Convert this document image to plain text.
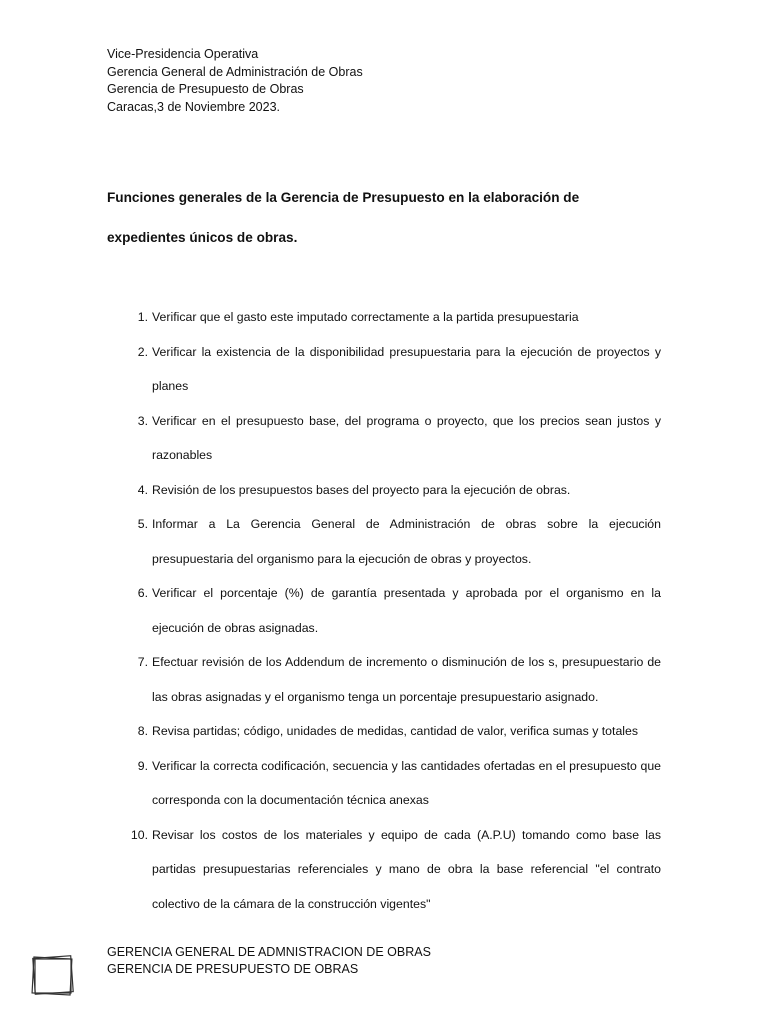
Vice-Presidencia Operativa
Gerencia General de Administración de Obras
Gerencia de Presupuesto de Obras
Caracas,3 de Noviembre 2023.
Funciones generales de la Gerencia de Presupuesto en la elaboración de
expedientes únicos de obras.
1. Verificar que el gasto este imputado correctamente a la partida presupuestaria
2. Verificar la existencia de la disponibilidad presupuestaria para la ejecución de proyectos y planes
3. Verificar en el presupuesto base, del programa o proyecto, que los precios sean justos y razonables
4. Revisión de los presupuestos bases del proyecto para la ejecución de obras.
5. Informar a La Gerencia General de Administración de obras sobre la ejecución presupuestaria del organismo para la ejecución de obras y proyectos.
6. Verificar el porcentaje (%) de garantía presentada y aprobada por el organismo en la ejecución de obras asignadas.
7. Efectuar revisión de los Addendum de incremento o disminución de los s, presupuestario de las obras asignadas y el organismo tenga un porcentaje presupuestario asignado.
8. Revisa partidas; código, unidades de medidas, cantidad de valor, verifica sumas y totales
9. Verificar la correcta codificación, secuencia y las cantidades ofertadas en el presupuesto que corresponda con la documentación técnica anexas
10. Revisar los costos de los materiales y equipo de cada (A.P.U) tomando como base las partidas presupuestarias referenciales y mano de obra la base referencial "el contrato colectivo de la cámara de la construcción vigentes"
GERENCIA GENERAL DE ADMNISTRACION DE OBRAS
GERENCIA DE PRESUPUESTO DE OBRAS
